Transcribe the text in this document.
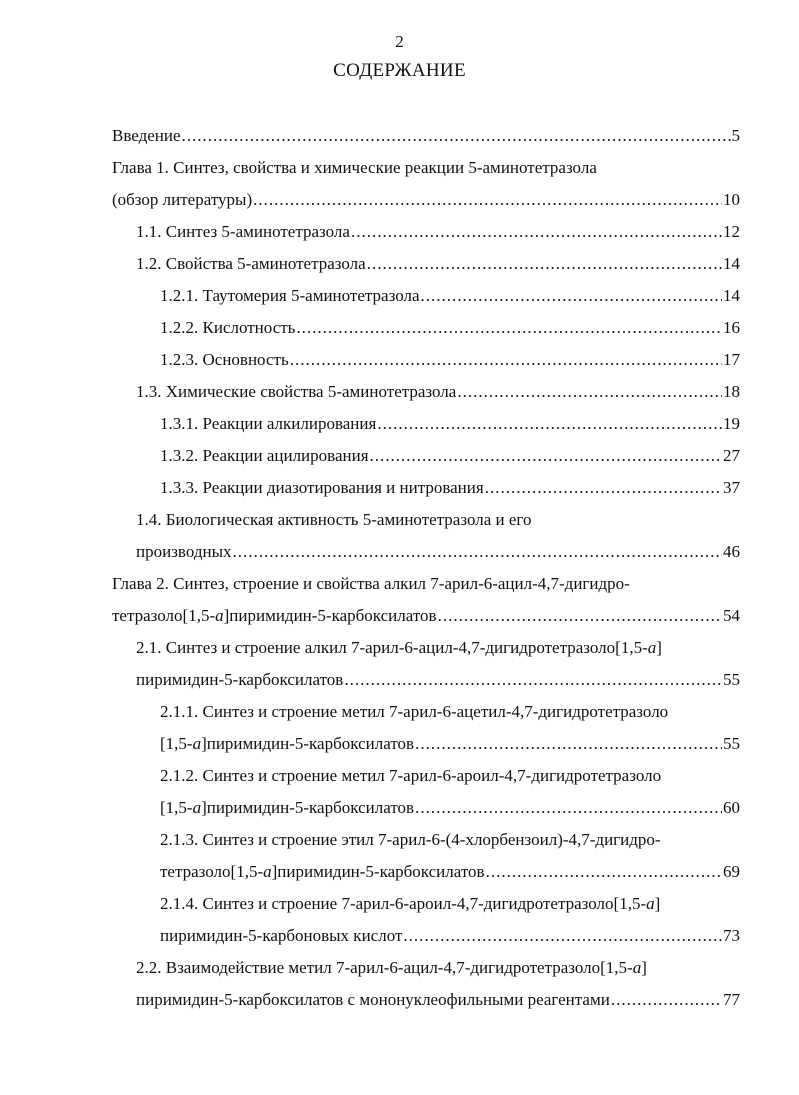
2
СОДЕРЖАНИЕ
Введение .....	5
Глава 1. Синтез, свойства и химические реакции 5-аминотетразола
(обзор литературы) .....	10
1.1. Синтез 5-аминотетразола .....	12
1.2. Свойства 5-аминотетразола .....	14
1.2.1. Таутомерия 5-аминотетразола .....	14
1.2.2. Кислотность .....	16
1.2.3. Основность .....	17
1.3. Химические свойства 5-аминотетразола .....	18
1.3.1. Реакции алкилирования .....	19
1.3.2. Реакции ацилирования .....	27
1.3.3. Реакции диазотирования и нитрования .....	37
1.4. Биологическая активность 5-аминотетразола и его
производных .....	46
Глава 2. Синтез, строение и свойства алкил 7-арил-6-ацил-4,7-дигидро-
тетразоло[1,5-a]пиримидин-5-карбоксилатов .....	54
2.1. Синтез и строение алкил 7-арил-6-ацил-4,7-дигидротетразоло[1,5-a]
пиримидин-5-карбоксилатов .....	55
2.1.1. Синтез и строение метил 7-арил-6-ацетил-4,7-дигидротетразоло
[1,5-a]пиримидин-5-карбоксилатов .....	55
2.1.2. Синтез и строение метил 7-арил-6-ароил-4,7-дигидротетразоло
[1,5-a]пиримидин-5-карбоксилатов .....	60
2.1.3. Синтез и строение этил 7-арил-6-(4-хлорбензоил)-4,7-дигидро-
тетразоло[1,5-a]пиримидин-5-карбоксилатов .....	69
2.1.4. Синтез и строение 7-арил-6-ароил-4,7-дигидротетразоло[1,5-a]
пиримидин-5-карбоновых кислот .....	73
2.2. Взаимодействие метил 7-арил-6-ацил-4,7-дигидротетразоло[1,5-a]
пиримидин-5-карбоксилатов с мононуклеофильными реагентами .....	77
